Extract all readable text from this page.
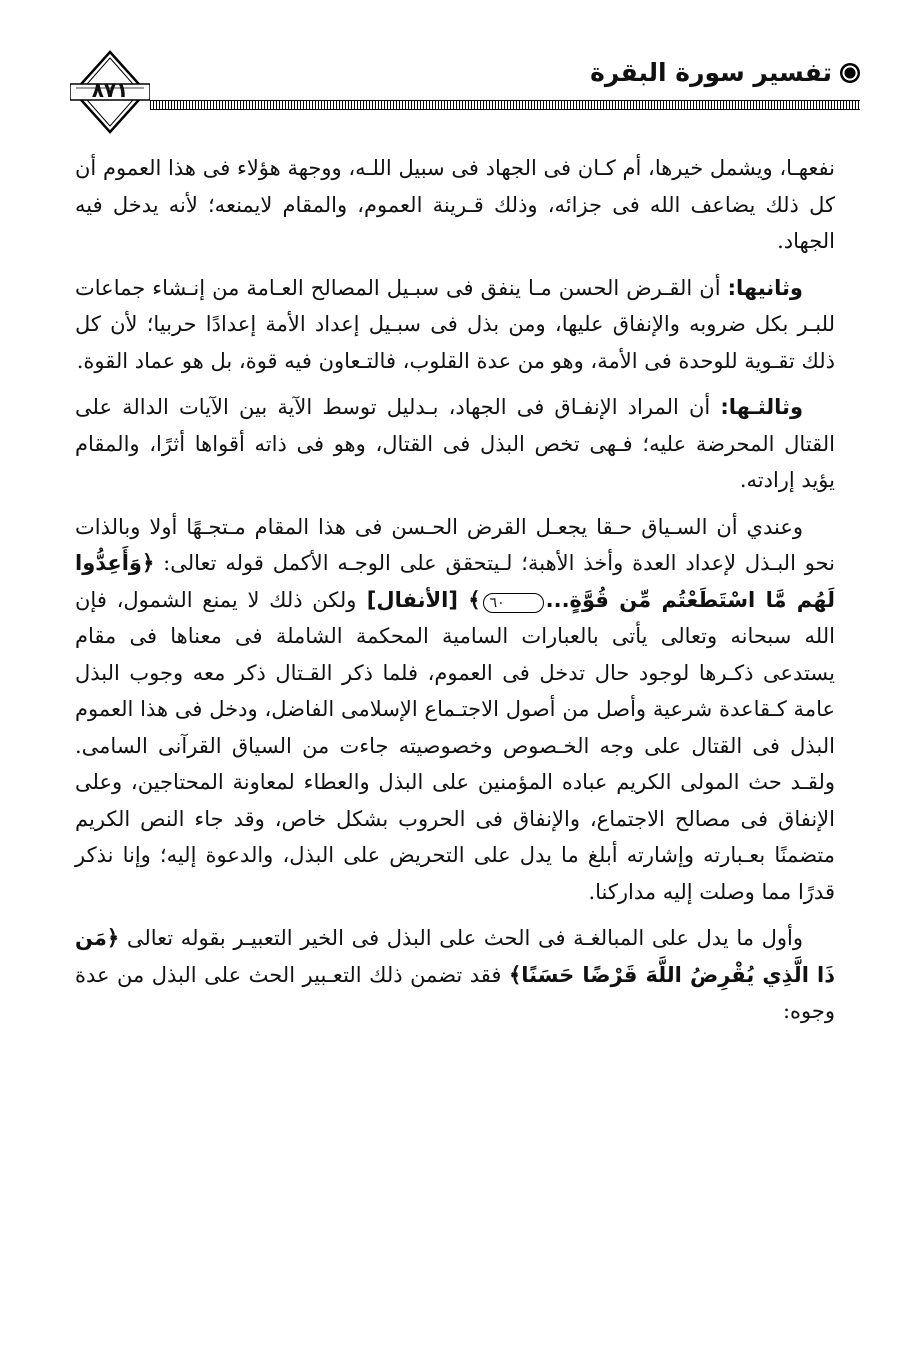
تفسير سورة البقرة
٨٧١

نفعهـا، ويشمل خيرها، أم كـان فى الجهاد فى سبيل اللـه، ووجهة هؤلاء فى هذا العموم أن كل ذلك يضاعف الله فى جزائه، وذلك قـرينة العموم، والمقام لايمنعه؛ لأنه يدخل فيه الجهاد.

وثانيها: أن القـرض الحسن مـا ينفق فى سبـيل المصالح العـامة من إنـشاء جماعات للبـر بكل ضروبه والإنفاق عليها، ومن بذل فى سبـيل إعداد الأمة إعدادًا حربيا؛ لأن كل ذلك تقـوية للوحدة فى الأمة، وهو من عدة القلوب، فالتـعاون فيه قوة، بل هو عماد القوة.

وثالثـها: أن المراد الإنفـاق فى الجهاد، بـدليل توسط الآية بين الآيات الدالة على القتال المحرضة عليه؛ فـهى تخص البذل فى القتال، وهو فى ذاته أقواها أثرًا، والمقام يؤيد إرادته.

وعندي أن السـياق حـقا يجعـل القرض الحـسن فى هذا المقام مـتجـهًا أولا وبالذات نحو البـذل لإعداد العدة وأخذ الأهبة؛ لـيتحقق على الوجـه الأكمل قوله تعالى: ﴿وَأَعِدُّوا لَهُم مَّا اسْتَطَعْتُم مِّن قُوَّةٍ...٦٠﴾ [الأنفال] ولكن ذلك لا يمنع الشمول، فإن الله سبحانه وتعالى يأتى بالعبارات السامية المحكمة الشاملة فى معناها فى مقام يستدعى ذكـرها لوجود حال تدخل فى العموم، فلما ذكر القـتال ذكر معه وجوب البذل عامة كـقاعدة شرعية وأصل من أصول الاجتـماع الإسلامى الفاضل، ودخل فى هذا العموم البذل فى القتال على وجه الخـصوص وخصوصيته جاءت من السياق القرآنى السامى. ولقـد حث المولى الكريم عباده المؤمنين على البذل والعطاء لمعاونة المحتاجين، وعلى الإنفاق فى مصالح الاجتماع، والإنفاق فى الحروب بشكل خاص، وقد جاء النص الكريم متضمنًا بعـبارته وإشارته أبلغ ما يدل على التحريض على البذل، والدعوة إليه؛ وإنا نذكر قدرًا مما وصلت إليه مداركنا.

وأول ما يدل على المبالغـة فى الحث على البذل فى الخير التعبيـر بقوله تعالى ﴿مَن ذَا الَّذِي يُقْرِضُ اللَّهَ قَرْضًا حَسَنًا﴾ فقد تضمن ذلك التعـبير الحث على البذل من عدة وجوه:
